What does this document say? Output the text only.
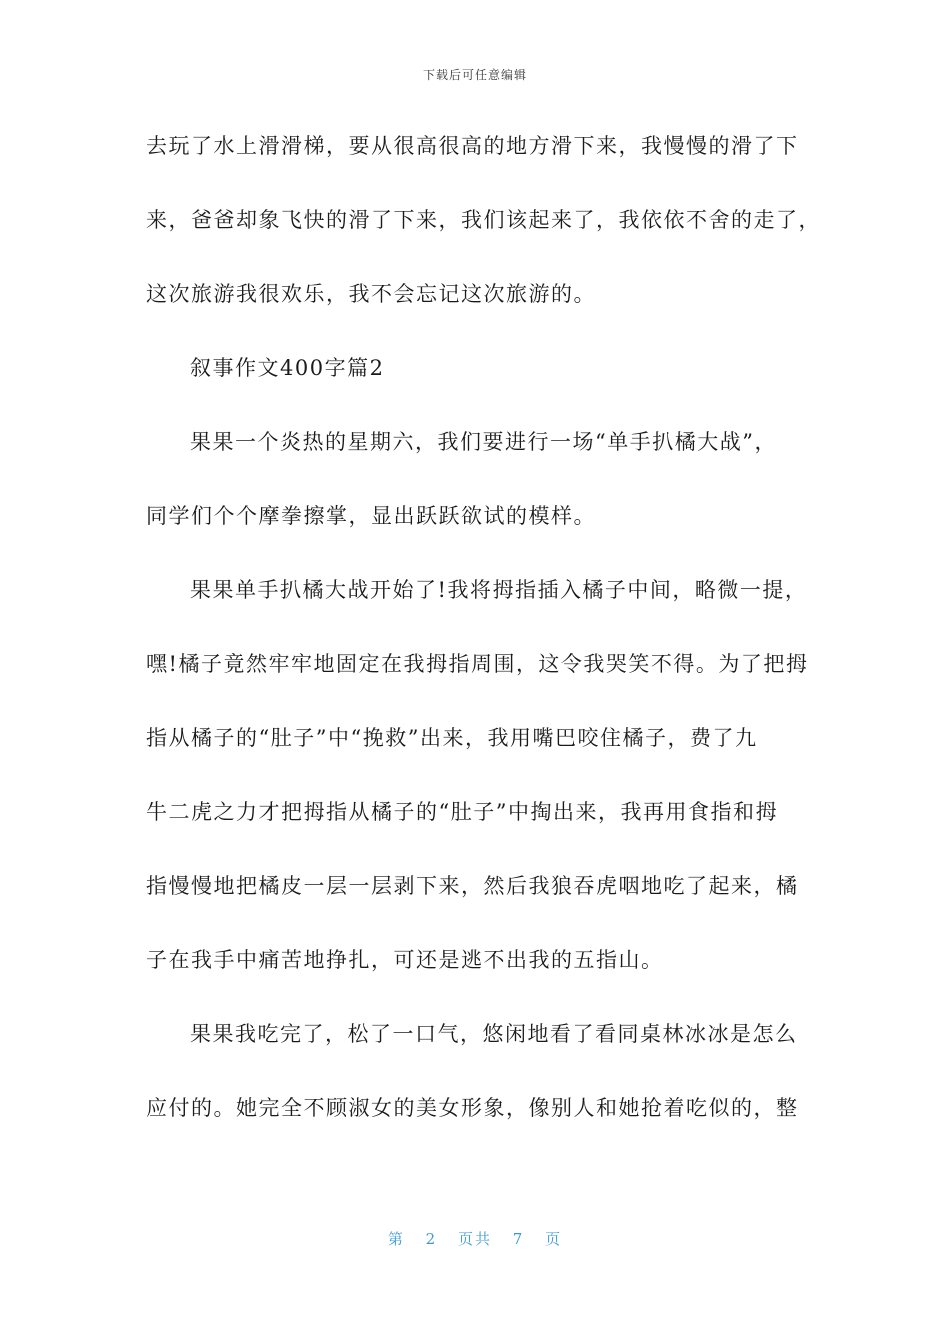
下载后可任意编辑
去玩了水上滑滑梯，要从很高很高的地方滑下来，我慢慢的滑了下
来，爸爸却象飞快的滑了下来，我们该起来了，我依依不舍的走了，
这次旅游我很欢乐，我不会忘记这次旅游的。
叙事作文400字篇2
果果一个炎热的星期六，我们要进行一场“单手扒橘大战”，
同学们个个摩拳擦掌，显出跃跃欲试的模样。
果果单手扒橘大战开始了!我将拇指插入橘子中间，略微一提，
嘿!橘子竟然牢牢地固定在我拇指周围，这令我哭笑不得。为了把拇
指从橘子的“肚子”中“挽救”出来，我用嘴巴咬住橘子，费了九
牛二虎之力才把拇指从橘子的“肚子”中掏出来，我再用食指和拇
指慢慢地把橘皮一层一层剥下来，然后我狼吞虎咽地吃了起来，橘
子在我手中痛苦地挣扎，可还是逃不出我的五指山。
果果我吃完了，松了一口气，悠闲地看了看同桌林冰冰是怎么
应付的。她完全不顾淑女的美女形象，像别人和她抢着吃似的，整
第 2 页共 7 页
